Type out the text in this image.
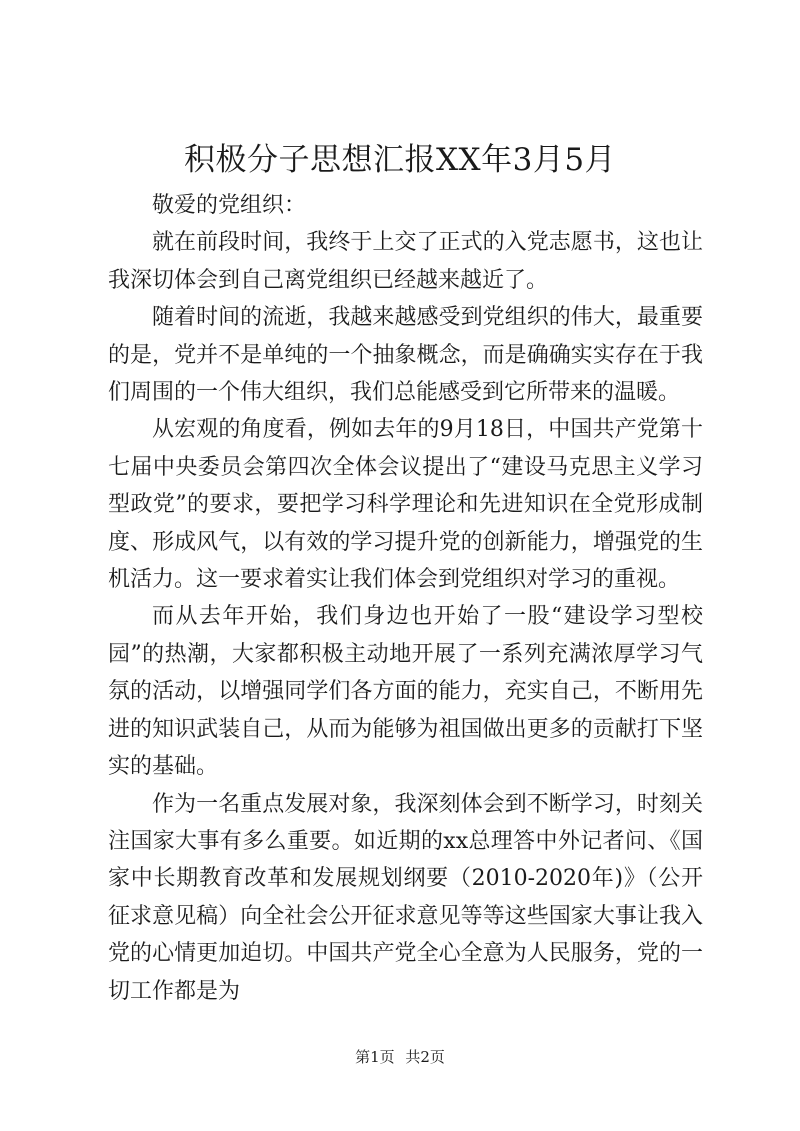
积极分子思想汇报XX年3月5月

敬爱的党组织：

就在前段时间，我终于上交了正式的入党志愿书，这也让我深切体会到自己离党组织已经越来越近了。

随着时间的流逝，我越来越感受到党组织的伟大，最重要的是，党并不是单纯的一个抽象概念，而是确确实实存在于我们周围的一个伟大组织，我们总能感受到它所带来的温暖。

从宏观的角度看，例如去年的9月18日，中国共产党第十七届中央委员会第四次全体会议提出了“建设马克思主义学习型政党”的要求，要把学习科学理论和先进知识在全党形成制度、形成风气，以有效的学习提升党的创新能力，增强党的生机活力。这一要求着实让我们体会到党组织对学习的重视。

而从去年开始，我们身边也开始了一股“建设学习型校园”的热潮，大家都积极主动地开展了一系列充满浓厚学习气氛的活动，以增强同学们各方面的能力，充实自己，不断用先进的知识武装自己，从而为能够为祖国做出更多的贡献打下坚实的基础。

作为一名重点发展对象，我深刻体会到不断学习，时刻关注国家大事有多么重要。如近期的xx总理答中外记者问、《国家中长期教育改革和发展规划纲要（2010-2020年)》（公开征求意见稿）向全社会公开征求意见等等这些国家大事让我入党的心情更加迫切。中国共产党全心全意为人民服务，党的一切工作都是为

第1页 共2页
